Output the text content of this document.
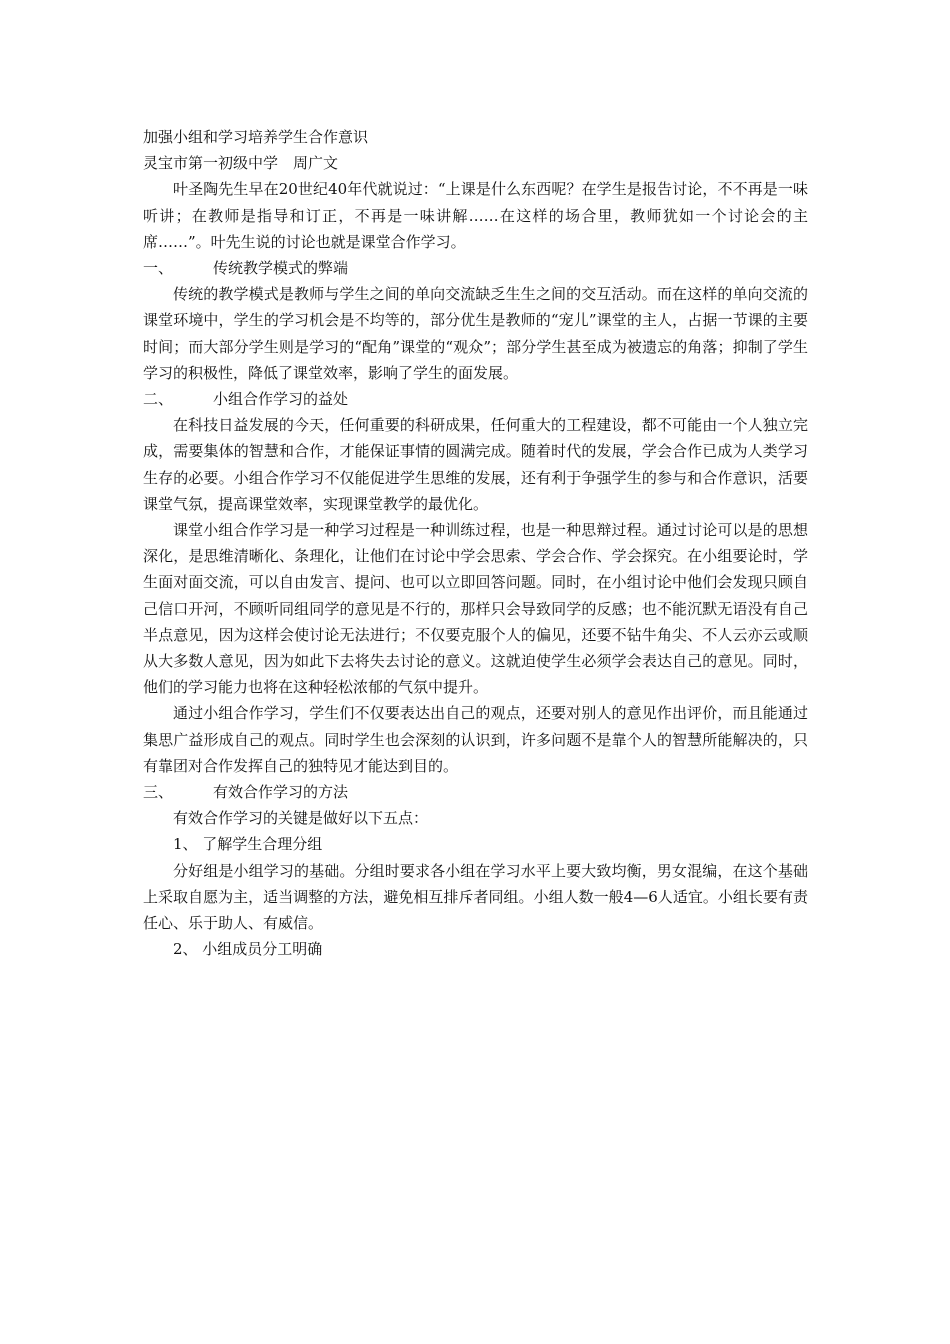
加强小组和学习培养学生合作意识

灵宝市第一初级中学　周广文

叶圣陶先生早在20世纪40年代就说过：“上课是什么东西呢？在学生是报告讨论，不不再是一味听讲；在教师是指导和订正，不再是一味讲解……在这样的场合里，教师犹如一个讨论会的主席……”。叶先生说的讨论也就是课堂合作学习。

一、	传统教学模式的弊端

传统的教学模式是教师与学生之间的单向交流缺乏生生之间的交互活动。而在这样的单向交流的课堂环境中，学生的学习机会是不均等的，部分优生是教师的“宠儿”课堂的主人，占据一节课的主要时间；而大部分学生则是学习的“配角”课堂的“观众”；部分学生甚至成为被遗忘的角落；抑制了学生学习的积极性，降低了课堂效率，影响了学生的面发展。

二、	小组合作学习的益处

在科技日益发展的今天，任何重要的科研成果，任何重大的工程建设，都不可能由一个人独立完成，需要集体的智慧和合作，才能保证事情的圆满完成。随着时代的发展，学会合作已成为人类学习生存的必要。小组合作学习不仅能促进学生思维的发展，还有利于争强学生的参与和合作意识，活要课堂气氛，提高课堂效率，实现课堂教学的最优化。

课堂小组合作学习是一种学习过程是一种训练过程，也是一种思辩过程。通过讨论可以是的思想深化，是思维清晰化、条理化，让他们在讨论中学会思索、学会合作、学会探究。在小组要论时，学生面对面交流，可以自由发言、提问、也可以立即回答问题。同时，在小组讨论中他们会发现只顾自己信口开河，不顾听同组同学的意见是不行的，那样只会导致同学的反感；也不能沉默无语没有自己半点意见，因为这样会使讨论无法进行；不仅要克服个人的偏见，还要不钻牛角尖、不人云亦云或顺从大多数人意见，因为如此下去将失去讨论的意义。这就迫使学生必须学会表达自己的意见。同时，他们的学习能力也将在这种轻松浓郁的气氛中提升。

通过小组合作学习，学生们不仅要表达出自己的观点，还要对别人的意见作出评价，而且能通过集思广益形成自己的观点。同时学生也会深刻的认识到，许多问题不是靠个人的智慧所能解决的，只有靠团对合作发挥自己的独特见才能达到目的。

三、	有效合作学习的方法

有效合作学习的关键是做好以下五点：

1、 了解学生合理分组

分好组是小组学习的基础。分组时要求各小组在学习水平上要大致均衡，男女混编，在这个基础上采取自愿为主，适当调整的方法，避免相互排斥者同组。小组人数一般4—6人适宜。小组长要有责任心、乐于助人、有威信。

2、 小组成员分工明确
